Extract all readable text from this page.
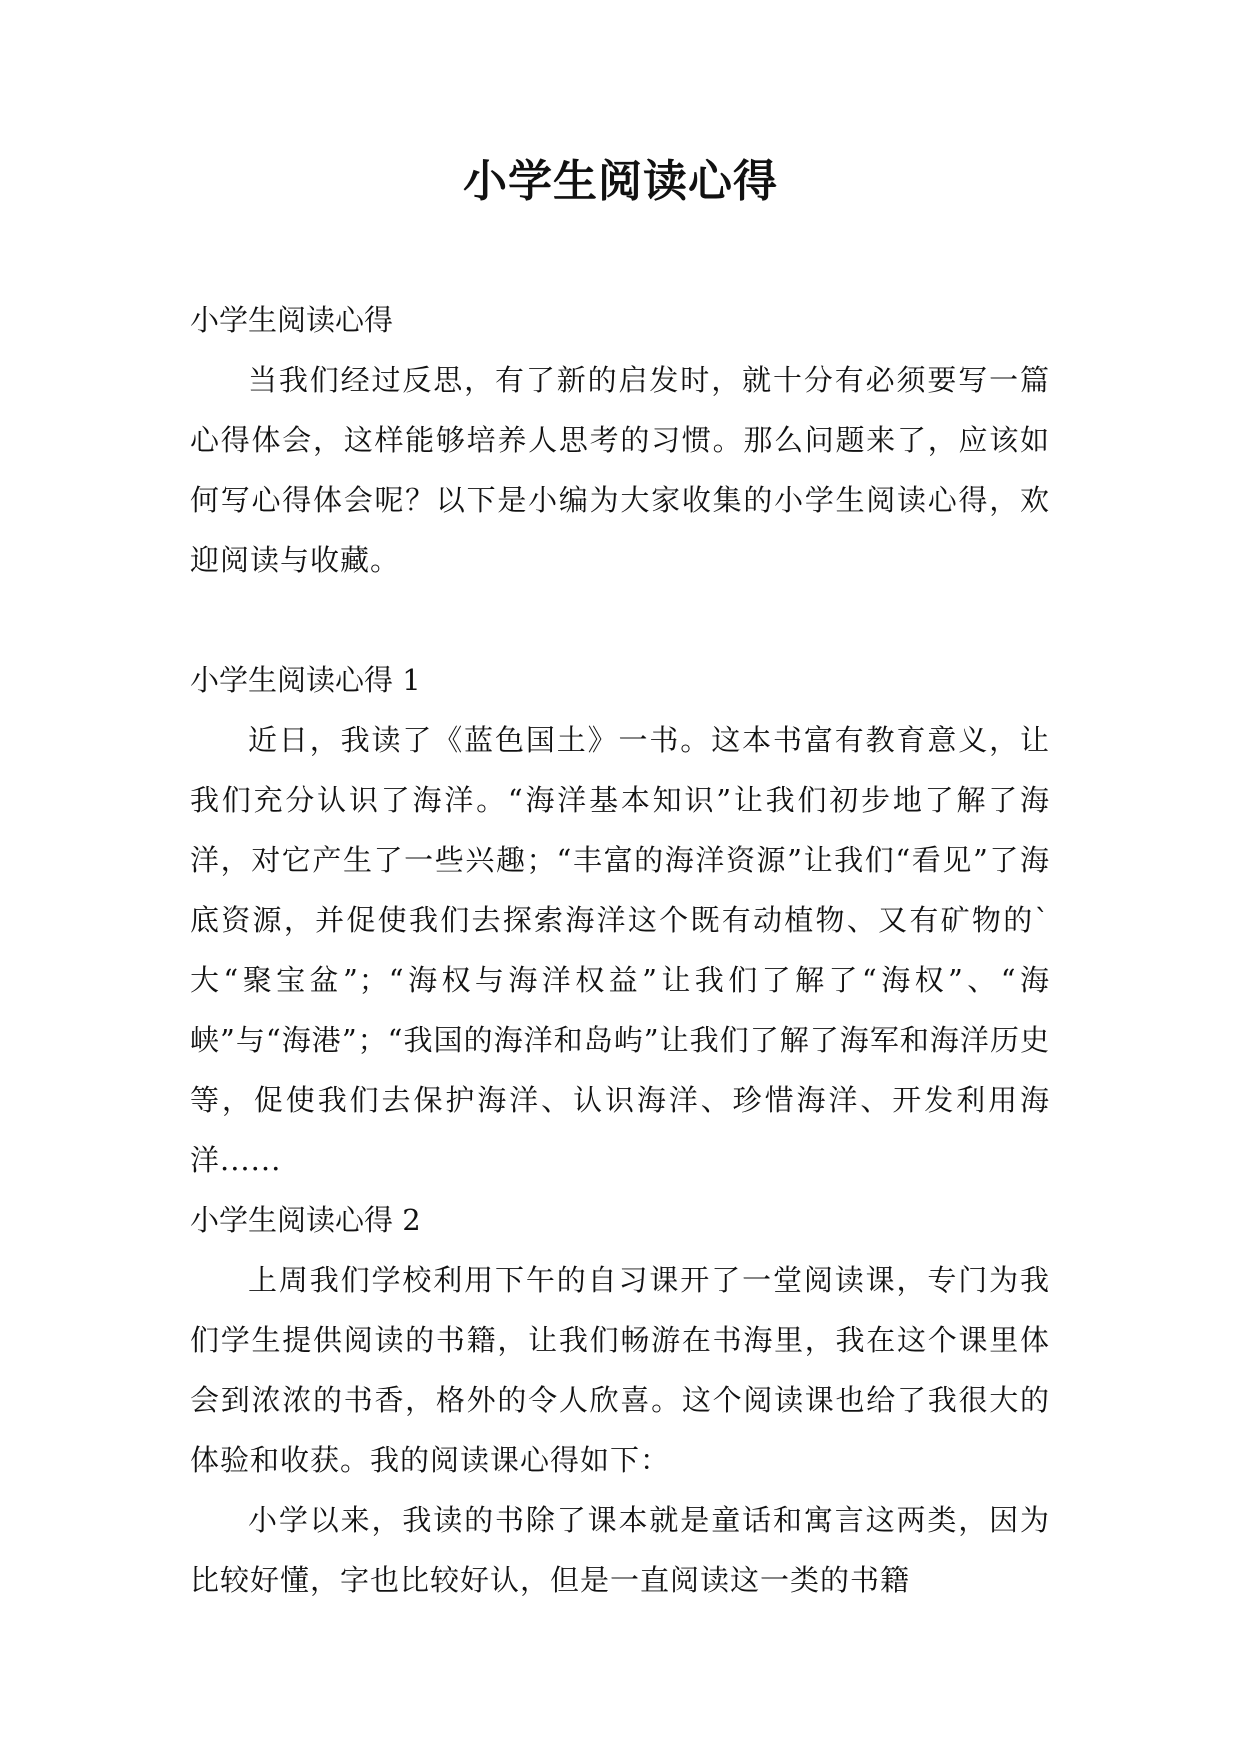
小学生阅读心得

小学生阅读心得

当我们经过反思，有了新的启发时，就十分有必须要写一篇心得体会，这样能够培养人思考的习惯。那么问题来了，应该如何写心得体会呢？以下是小编为大家收集的小学生阅读心得，欢迎阅读与收藏。

小学生阅读心得 1

近日，我读了《蓝色国土》一书。这本书富有教育意义，让我们充分认识了海洋。“海洋基本知识”让我们初步地了解了海洋，对它产生了一些兴趣；“丰富的海洋资源”让我们“看见”了海底资源，并促使我们去探索海洋这个既有动植物、又有矿物的`大“聚宝盆”；“海权与海洋权益”让我们了解了“海权”、“海峡”与“海港”；“我国的海洋和岛屿”让我们了解了海军和海洋历史等，促使我们去保护海洋、认识海洋、珍惜海洋、开发利用海洋......

小学生阅读心得 2

上周我们学校利用下午的自习课开了一堂阅读课，专门为我们学生提供阅读的书籍，让我们畅游在书海里，我在这个课里体会到浓浓的书香，格外的令人欣喜。这个阅读课也给了我很大的体验和收获。我的阅读课心得如下：

小学以来，我读的书除了课本就是童话和寓言这两类，因为比较好懂，字也比较好认，但是一直阅读这一类的书籍
